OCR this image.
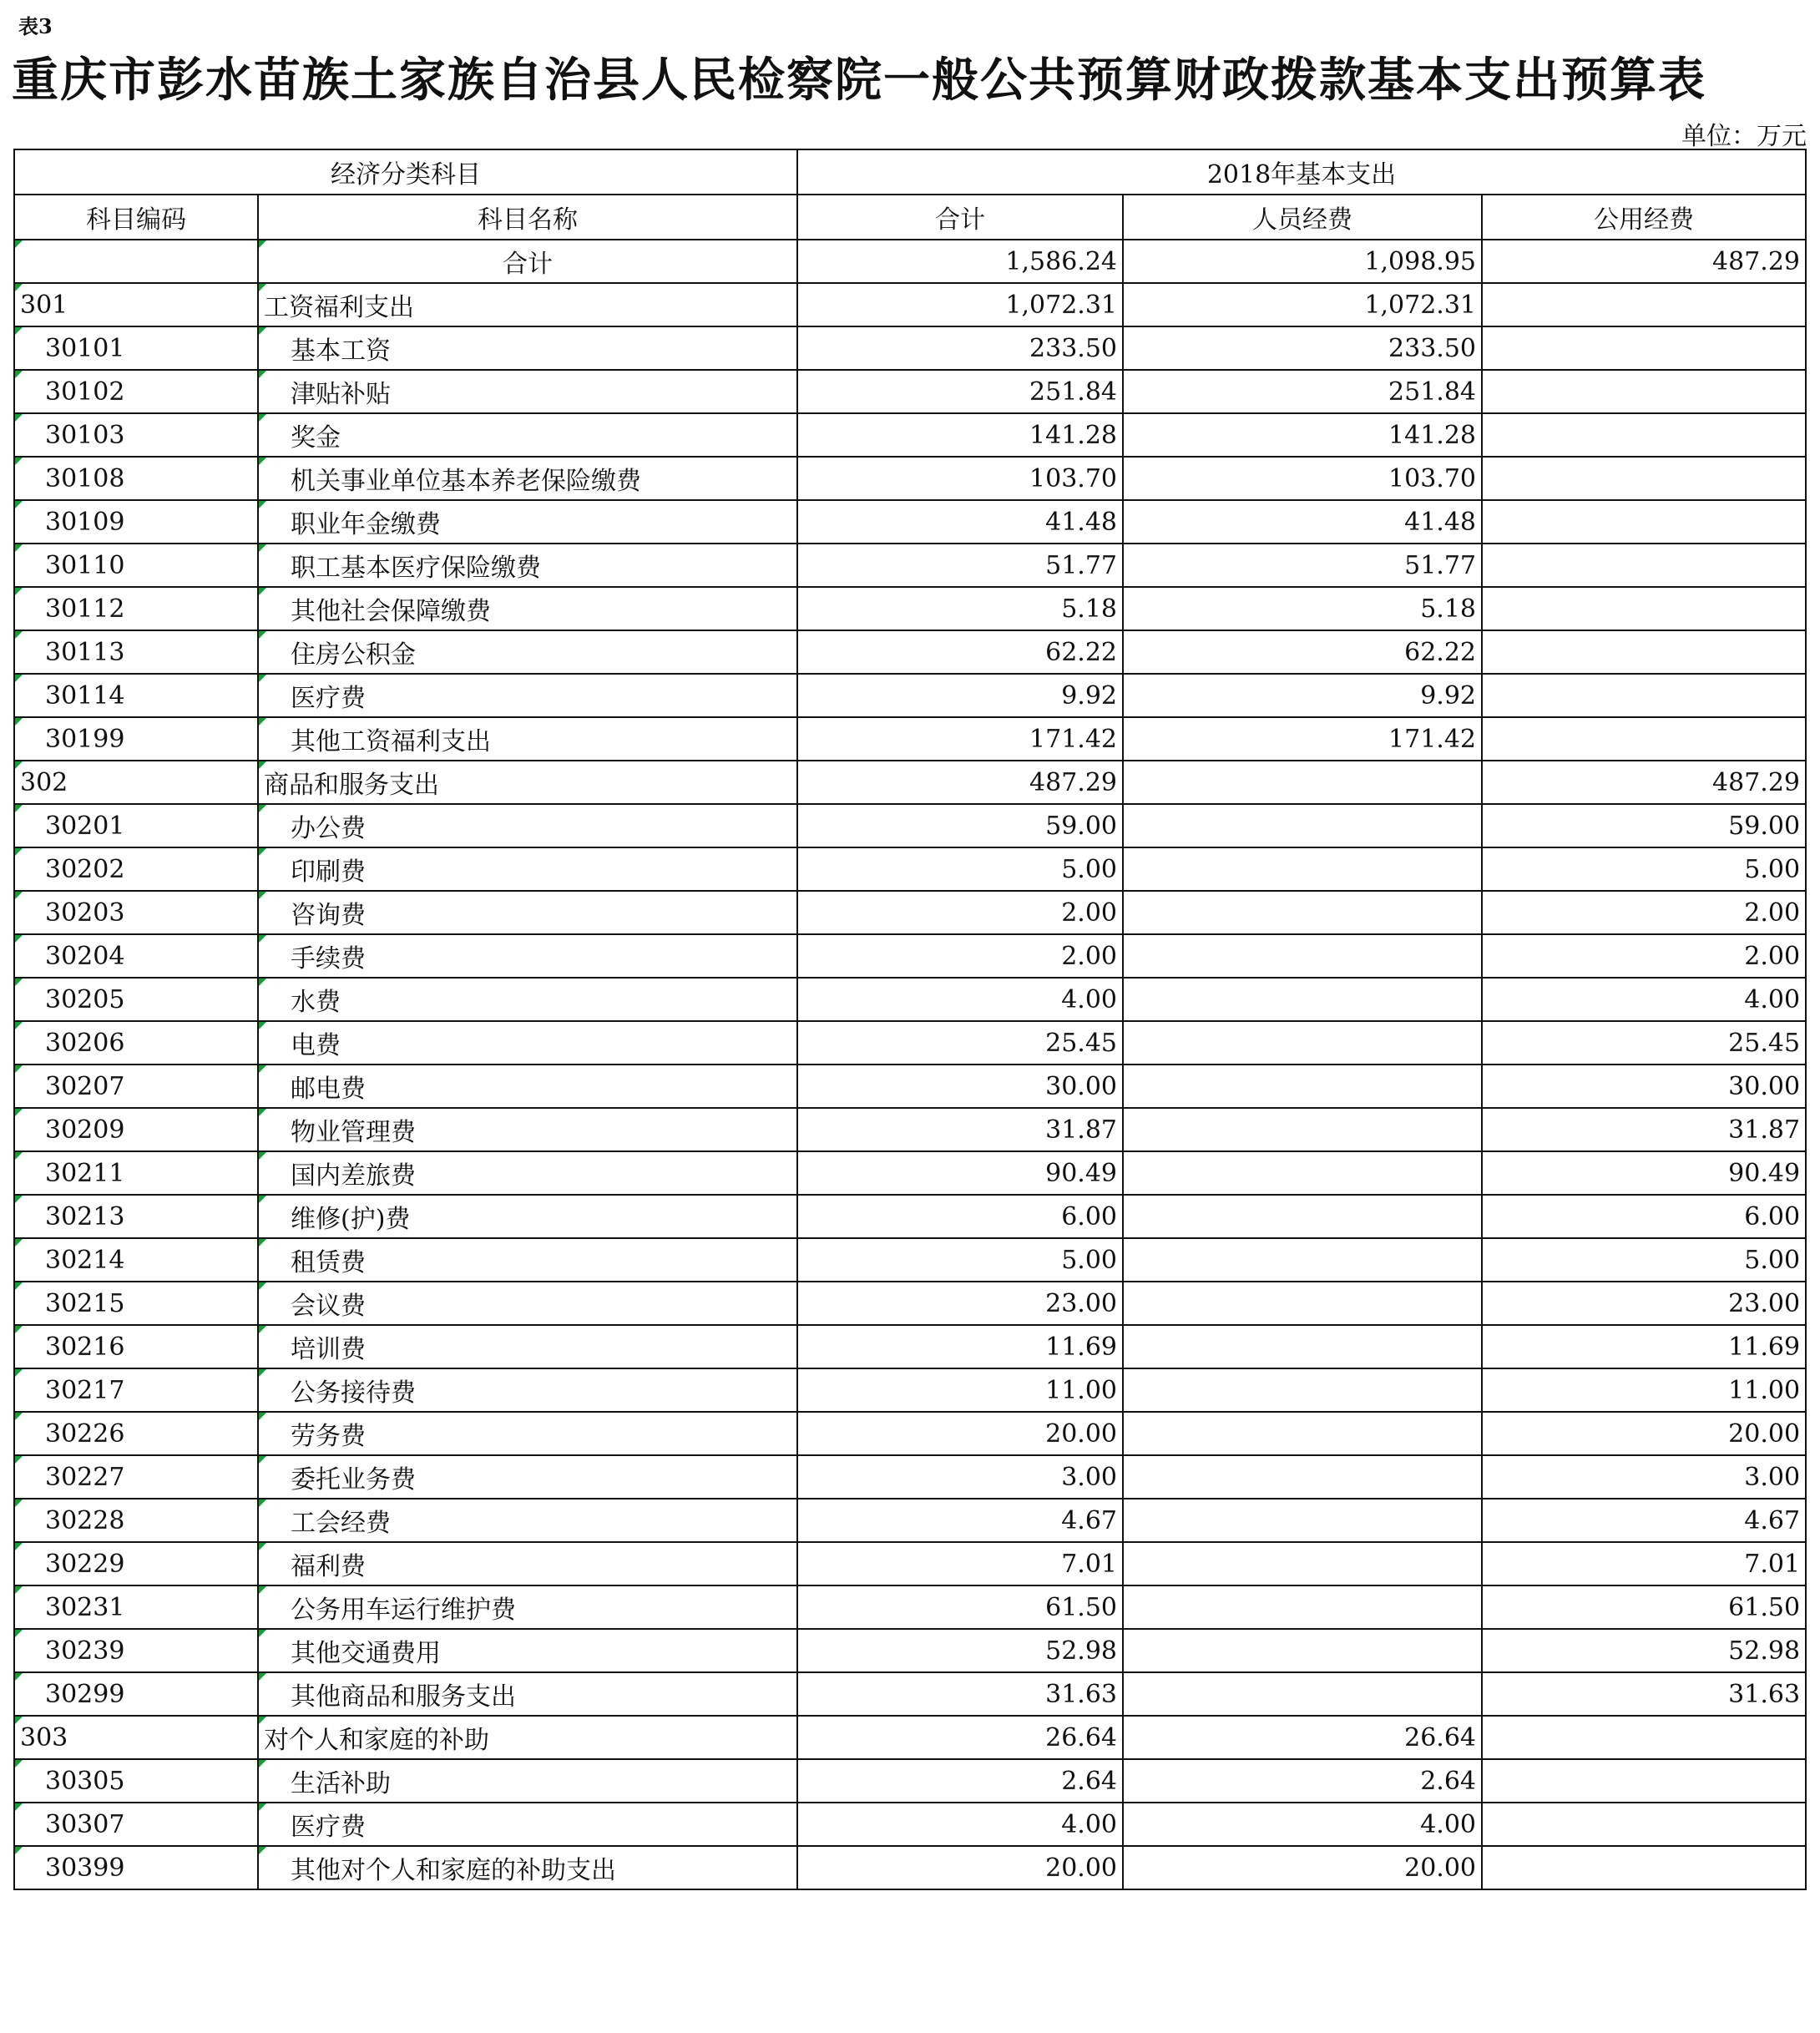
表3
重庆市彭水苗族土家族自治县人民检察院一般公共预算财政拨款基本支出预算表
单位：万元
经济分类科目		2018年基本支出		
科目编码	科目名称	合计	人员经费	公用经费
	合计	1,586.24	1,098.95	487.29
301	工资福利支出	1,072.31	1,072.31	
30101	基本工资	233.50	233.50	
30102	津贴补贴	251.84	251.84	
30103	奖金	141.28	141.28	
30108	机关事业单位基本养老保险缴费	103.70	103.70	
30109	职业年金缴费	41.48	41.48	
30110	职工基本医疗保险缴费	51.77	51.77	
30112	其他社会保障缴费	5.18	5.18	
30113	住房公积金	62.22	62.22	
30114	医疗费	9.92	9.92	
30199	其他工资福利支出	171.42	171.42	
302	商品和服务支出	487.29		487.29
30201	办公费	59.00		59.00
30202	印刷费	5.00		5.00
30203	咨询费	2.00		2.00
30204	手续费	2.00		2.00
30205	水费	4.00		4.00
30206	电费	25.45		25.45
30207	邮电费	30.00		30.00
30209	物业管理费	31.87		31.87
30211	国内差旅费	90.49		90.49
30213	维修(护)费	6.00		6.00
30214	租赁费	5.00		5.00
30215	会议费	23.00		23.00
30216	培训费	11.69		11.69
30217	公务接待费	11.00		11.00
30226	劳务费	20.00		20.00
30227	委托业务费	3.00		3.00
30228	工会经费	4.67		4.67
30229	福利费	7.01		7.01
30231	公务用车运行维护费	61.50		61.50
30239	其他交通费用	52.98		52.98
30299	其他商品和服务支出	31.63		31.63
303	对个人和家庭的补助	26.64	26.64	
30305	生活补助	2.64	2.64	
30307	医疗费	4.00	4.00	
30399	其他对个人和家庭的补助支出	20.00	20.00	
